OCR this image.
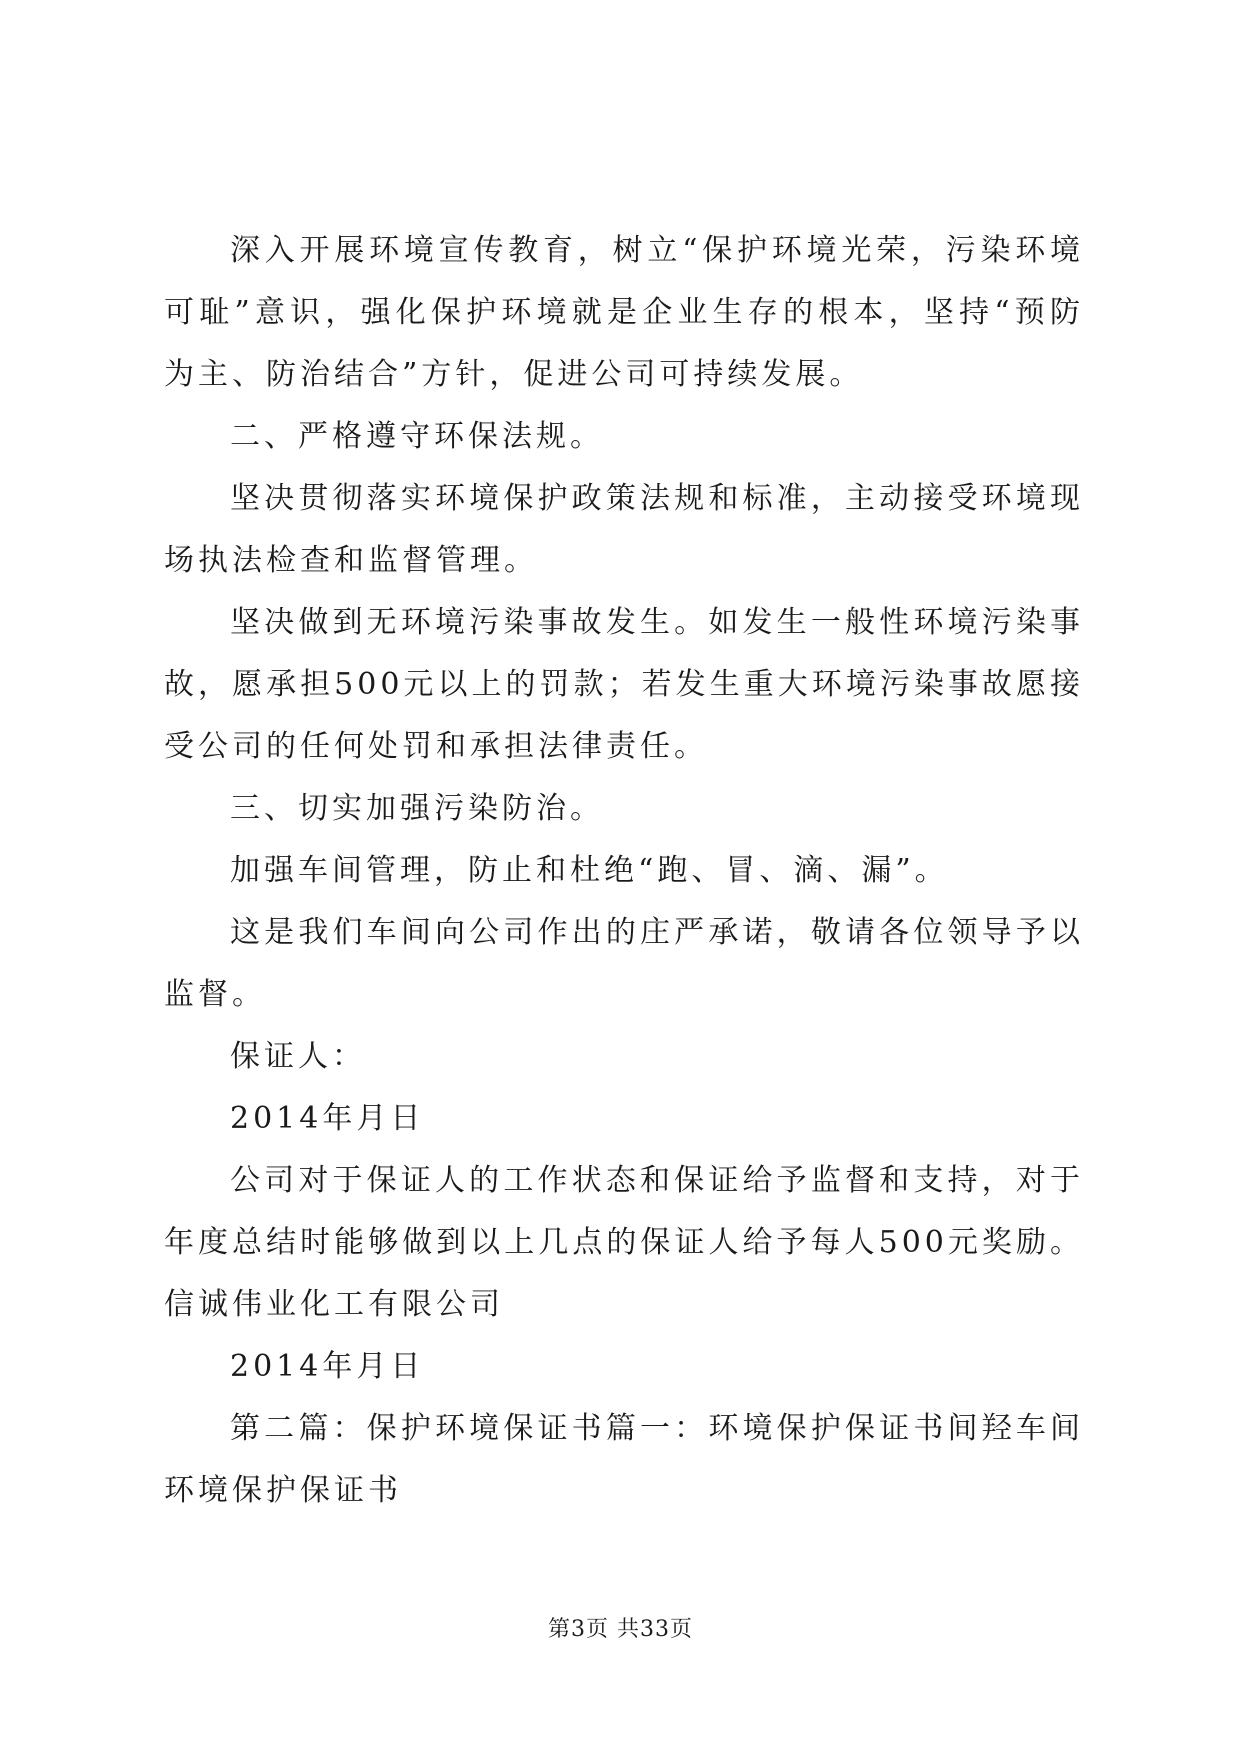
深入开展环境宣传教育，树立“保护环境光荣，污染环境可耻”意识，强化保护环境就是企业生存的根本，坚持“预防为主、防治结合”方针，促进公司可持续发展。

二、严格遵守环保法规。

坚决贯彻落实环境保护政策法规和标准，主动接受环境现场执法检查和监督管理。

坚决做到无环境污染事故发生。如发生一般性环境污染事故，愿承担500元以上的罚款；若发生重大环境污染事故愿接受公司的任何处罚和承担法律责任。

三、切实加强污染防治。

加强车间管理，防止和杜绝“跑、冒、滴、漏”。

这是我们车间向公司作出的庄严承诺，敬请各位领导予以监督。

保证人：

2014年月日

公司对于保证人的工作状态和保证给予监督和支持，对于年度总结时能够做到以上几点的保证人给予每人500元奖励。信诚伟业化工有限公司

2014年月日

第二篇：保护环境保证书篇一：环境保护保证书间羟车间环境保护保证书

第3页 共33页
